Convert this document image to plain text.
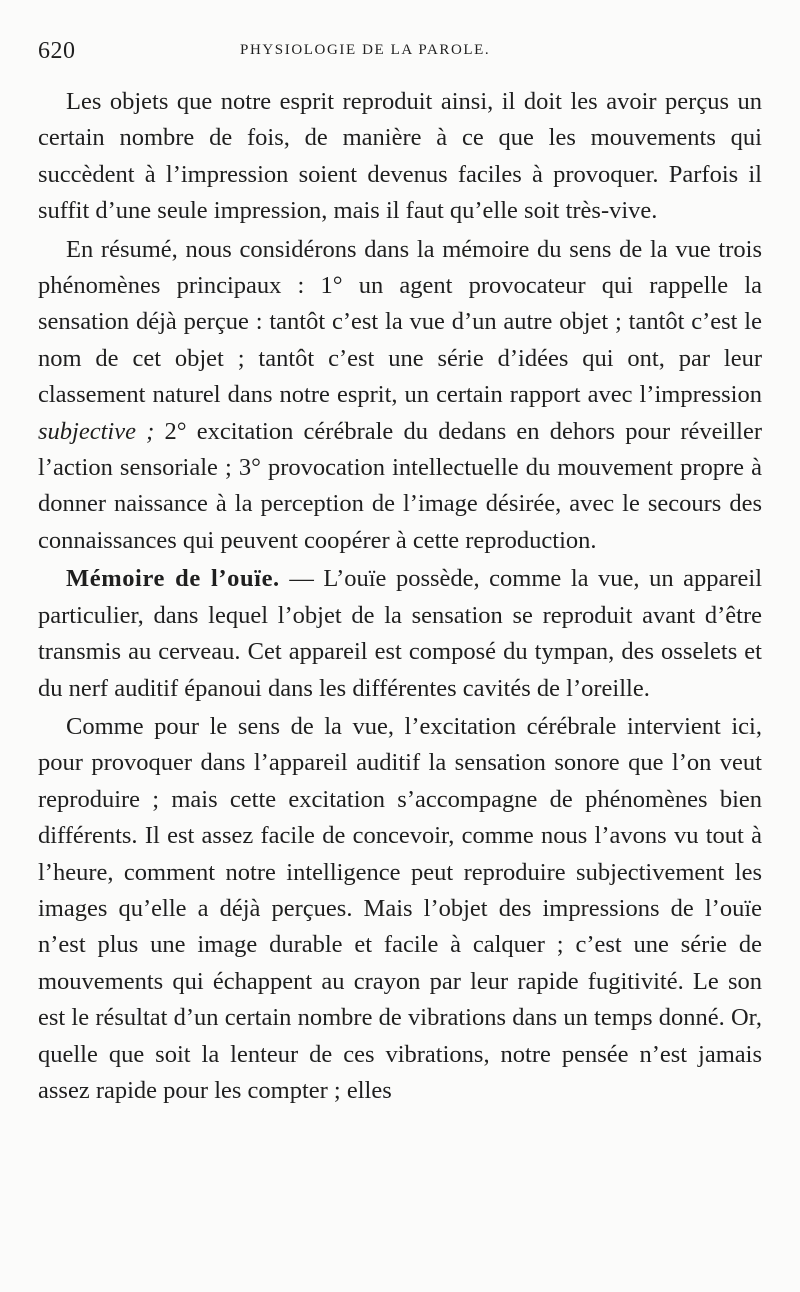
620	PHYSIOLOGIE DE LA PAROLE.

Les objets que notre esprit reproduit ainsi, il doit les avoir perçus un certain nombre de fois, de manière à ce que les mouvements qui succèdent à l’impression soient devenus faciles à provoquer. Parfois il suffit d’une seule impression, mais il faut qu’elle soit très-vive.

En résumé, nous considérons dans la mémoire du sens de la vue trois phénomènes principaux : 1° un agent provocateur qui rappelle la sensation déjà perçue : tantôt c’est la vue d’un autre objet ; tantôt c’est le nom de cet objet ; tantôt c’est une série d’idées qui ont, par leur classement naturel dans notre esprit, un certain rapport avec l’impression subjective ; 2° excitation cérébrale du dedans en dehors pour réveiller l’action sensoriale ; 3° provocation intellectuelle du mouvement propre à donner naissance à la perception de l’image désirée, avec le secours des connaissances qui peuvent coopérer à cette reproduction.

Mémoire de l’ouïe. — L’ouïe possède, comme la vue, un appareil particulier, dans lequel l’objet de la sensation se reproduit avant d’être transmis au cerveau. Cet appareil est composé du tympan, des osselets et du nerf auditif épanoui dans les différentes cavités de l’oreille.

Comme pour le sens de la vue, l’excitation cérébrale intervient ici, pour provoquer dans l’appareil auditif la sensation sonore que l’on veut reproduire ; mais cette excitation s’accompagne de phénomènes bien différents. Il est assez facile de concevoir, comme nous l’avons vu tout à l’heure, comment notre intelligence peut reproduire subjectivement les images qu’elle a déjà perçues. Mais l’objet des impressions de l’ouïe n’est plus une image durable et facile à calquer ; c’est une série de mouvements qui échappent au crayon par leur rapide fugitivité. Le son est le résultat d’un certain nombre de vibrations dans un temps donné. Or, quelle que soit la lenteur de ces vibrations, notre pensée n’est jamais assez rapide pour les compter ; elles
